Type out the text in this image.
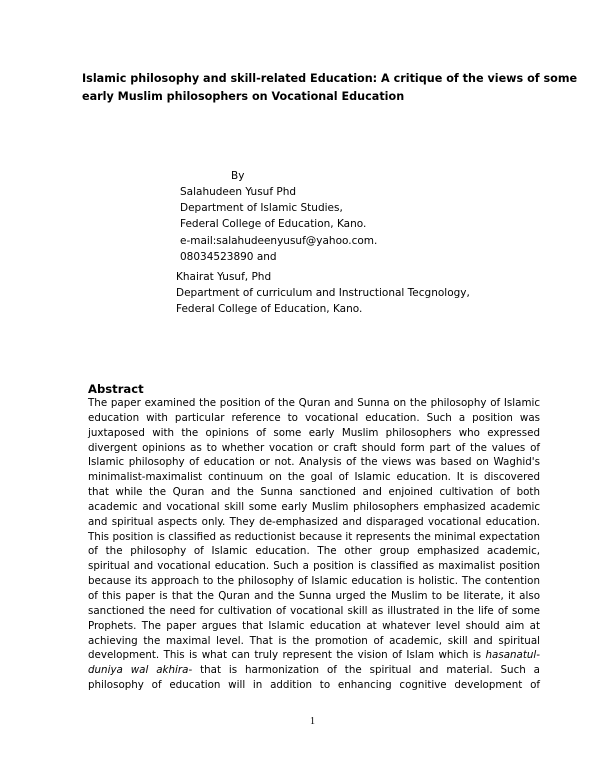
Islamic philosophy and skill-related Education: A critique of the views of some
early Muslim philosophers on Vocational Education
By
Salahudeen Yusuf Phd
Department of Islamic Studies,
Federal College of Education, Kano.
e-mail:salahudeenyusuf@yahoo.com.
08034523890 and
Khairat Yusuf, Phd
Department of curriculum and Instructional Tecgnology,
Federal College of Education, Kano.
Abstract
The paper examined the position of the Quran and Sunna on the philosophy of Islamic
education with particular reference to vocational education. Such a position was
juxtaposed with the opinions of some early Muslim philosophers who expressed
divergent opinions as to whether vocation or craft should form part of the values of
Islamic philosophy of education or not. Analysis of the views was based on Waghid's
minimalist-maximalist continuum on the goal of Islamic education. It is discovered
that while the Quran and the Sunna sanctioned and enjoined cultivation of both
academic and vocational skill some early Muslim philosophers emphasized academic
and spiritual aspects only. They de-emphasized and disparaged vocational education.
This position is classified as reductionist because it represents the minimal expectation
of the philosophy of Islamic education. The other group emphasized academic,
spiritual and vocational education. Such a position is classified as maximalist position
because its approach to the philosophy of Islamic education is holistic. The contention
of this paper is that the Quran and the Sunna urged the Muslim to be literate, it also
sanctioned the need for cultivation of vocational skill as illustrated in the life of some
Prophets. The paper argues that Islamic education at whatever level should aim at
achieving the maximal level. That is the promotion of academic, skill and spiritual
development. This is what can truly represent the vision of Islam which is hasanatul-
duniya wal akhira- that is harmonization of the spiritual and material. Such a
philosophy of education will in addition to enhancing cognitive development of
1
